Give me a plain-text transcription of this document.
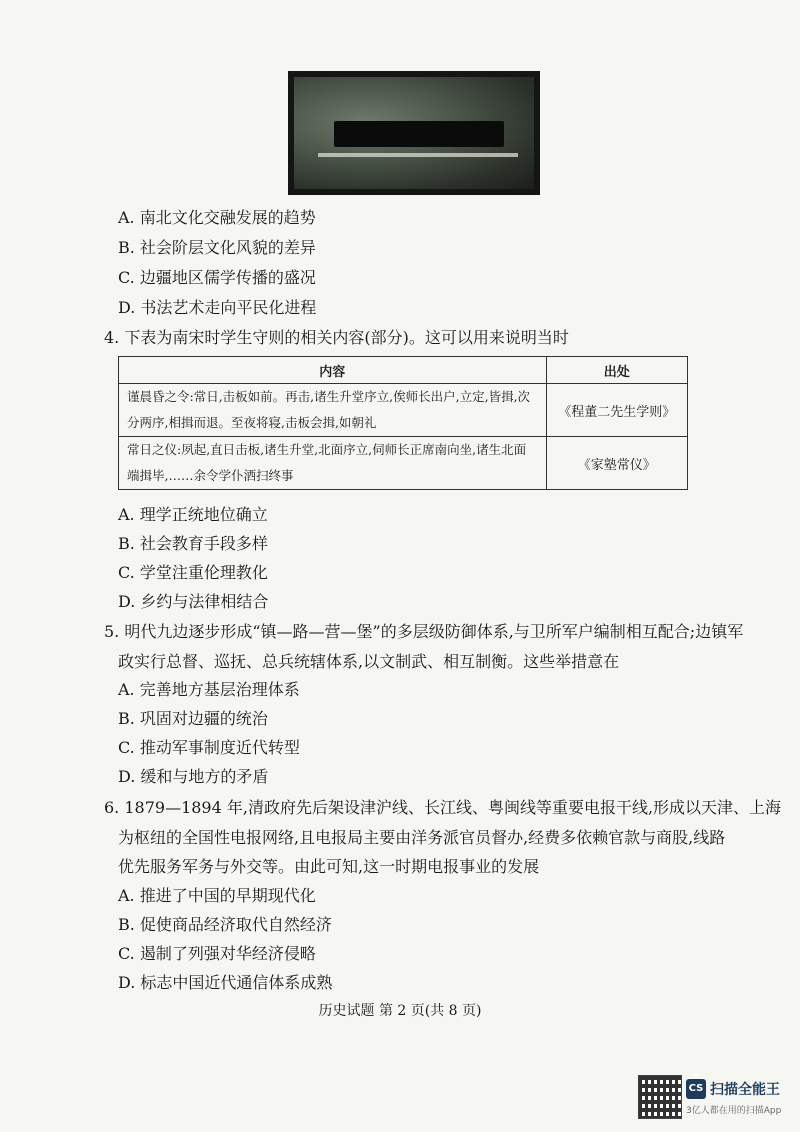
A. 南北文化交融发展的趋势
B. 社会阶层文化风貌的差异
C. 边疆地区儒学传播的盛况
D. 书法艺术走向平民化进程
4. 下表为南宋时学生守则的相关内容(部分)。这可以用来说明当时
内容	出处
谨晨昏之令:常日,击板如前。再击,诸生升堂序立,俟师长出户,立定,皆揖,次分两序,相揖而退。至夜将寝,击板会揖,如朝礼	《程董二先生学则》
常日之仪:夙起,直日击板,诸生升堂,北面序立,伺师长正席南向坐,诸生北面端揖毕,……余令学仆洒扫终事	《家塾常仪》
A. 理学正统地位确立
B. 社会教育手段多样
C. 学堂注重伦理教化
D. 乡约与法律相结合
5. 明代九边逐步形成“镇—路—营—堡”的多层级防御体系,与卫所军户编制相互配合;边镇军
政实行总督、巡抚、总兵统辖体系,以文制武、相互制衡。这些举措意在
A. 完善地方基层治理体系
B. 巩固对边疆的统治
C. 推动军事制度近代转型
D. 缓和与地方的矛盾
6. 1879—1894 年,清政府先后架设津沪线、长江线、粤闽线等重要电报干线,形成以天津、上海
为枢纽的全国性电报网络,且电报局主要由洋务派官员督办,经费多依赖官款与商股,线路
优先服务军务与外交等。由此可知,这一时期电报事业的发展
A. 推进了中国的早期现代化
B. 促使商品经济取代自然经济
C. 遏制了列强对华经济侵略
D. 标志中国近代通信体系成熟
历史试题 第 2 页(共 8 页)
CS 扫描全能王
3亿人都在用的扫描App
